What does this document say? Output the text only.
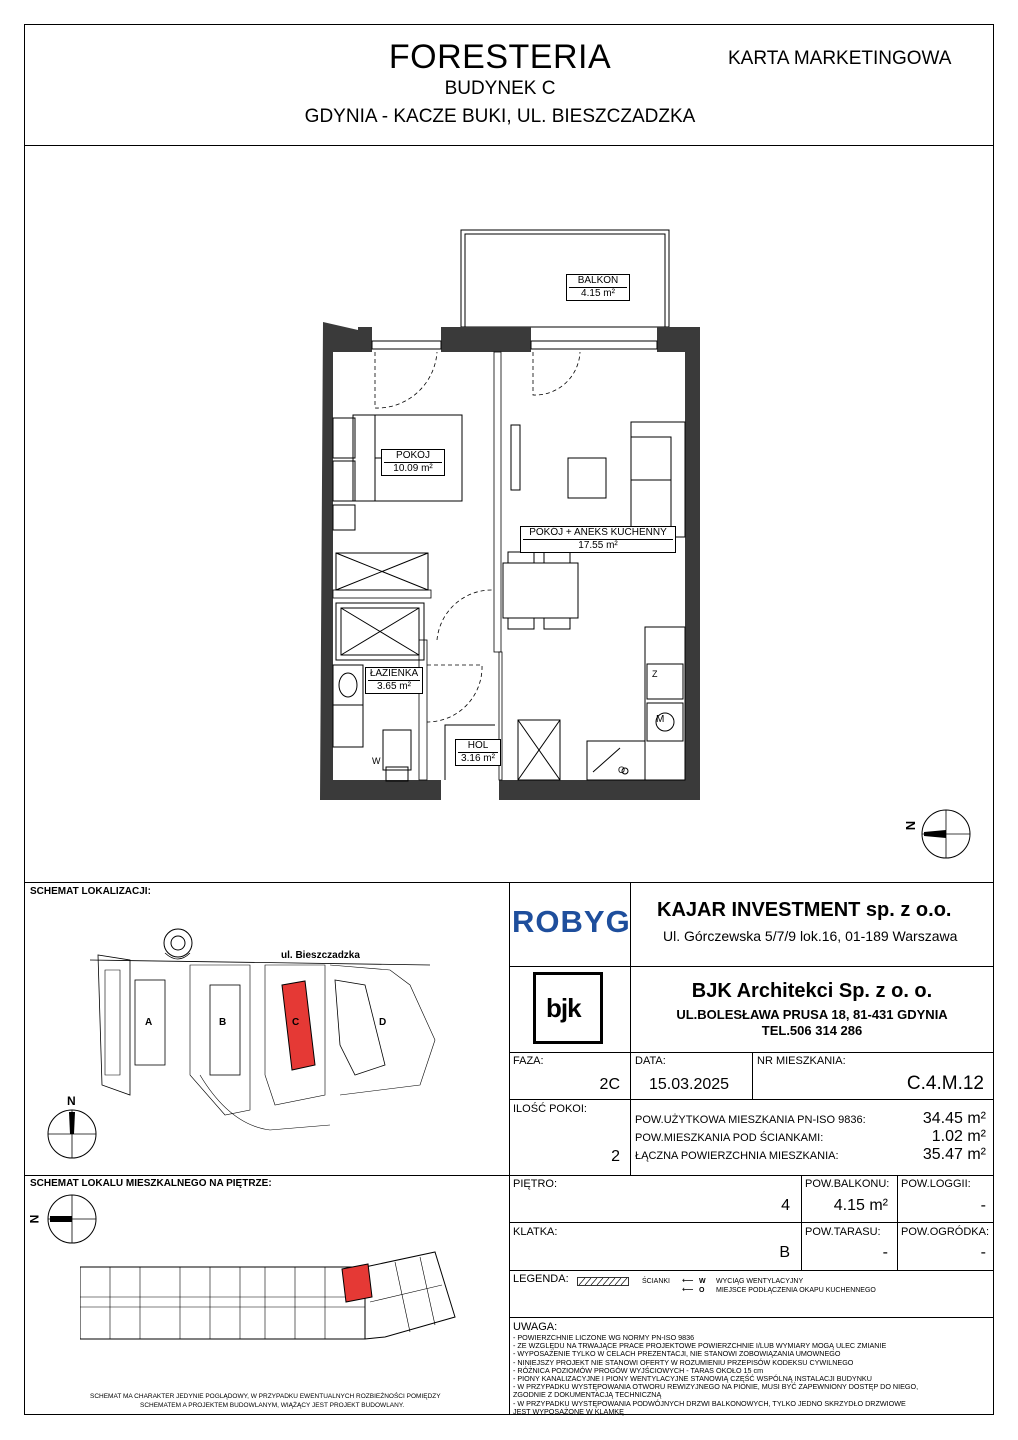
FORESTERIA
BUDYNEK C
GDYNIA - KACZE BUKI, UL. BIESZCZADZKA
KARTA MARKETINGOWA
BALKON
4.15 m²
POKÓJ
10.09 m²
POKÓJ + ANEKS KUCHENNY
17.55 m²
ŁAZIENKA
3.65 m²
HOL
3.16 m²
Z
M
W
O
N
SCHEMAT LOKALIZACJI:
ul. Bieszczadzka
A	B	C	D
N
SCHEMAT LOKALU MIESZKALNEGO NA PIĘTRZE:
N
SCHEMAT MA CHARAKTER JEDYNIE POGLĄDOWY, W PRZYPADKU EWENTUALNYCH ROZBIEŻNOŚCI POMIĘDZY
SCHEMATEM A PROJEKTEM BUDOWLANYM, WIĄŻĄCY JEST PROJEKT BUDOWLANY.
ROBYG KAJAR INVESTMENT sp. z o.o.
Ul. Górczewska 5/7/9 lok.16, 01-189 Warszawa
bjk
BJK Architekci Sp. z o. o.
UL.BOLESŁAWA PRUSA 18, 81-431 GDYNIA
TEL.506 314 286
FAZA:
2C
DATA:
15.03.2025
NR MIESZKANIA:
C.4.M.12
ILOŚĆ POKOI:
2
POW.UŻYTKOWA MIESZKANIA PN-ISO 9836:	34.45 m²
POW.MIESZKANIA POD ŚCIANKAMI:	1.02 m²
ŁĄCZNA POWIERZCHNIA MIESZKANIA:	35.47 m²
PIĘTRO:
4
POW.BALKONU:
4.15 m²
POW.LOGGII:
-
KLATKA:
B
POW.TARASU:
-
POW.OGRÓDKA:
-
LEGENDA:	ŚCIANKI ⟵ W WYCIĄG WENTYLACYJNY
⟵ O MIEJSCE PODŁĄCZENIA OKAPU KUCHENNEGO
UWAGA:
- POWIERZCHNIE LICZONE WG NORMY PN-ISO 9836
- ZE WZGLĘDU NA TRWAJĄCE PRACE PROJEKTOWE POWIERZCHNIE I/LUB WYMIARY MOGĄ ULEC ZMIANIE
- WYPOSAŻENIE TYLKO W CELACH PREZENTACJI, NIE STANOWI ZOBOWIĄZANIA UMOWNEGO
- NINIEJSZY PROJEKT NIE STANOWI OFERTY W ROZUMIENIU PRZEPISÓW KODEKSU CYWILNEGO
- RÓŻNICA POZIOMÓW PROGÓW WYJŚCIOWYCH - TARAS OKOŁO 15 cm
- PIONY KANALIZACYJNE I PIONY WENTYLACYJNE STANOWIĄ CZĘŚĆ WSPÓLNĄ INSTALACJI BUDYNKU
- W PRZYPADKU WYSTĘPOWANIA OTWORU REWIZYJNEGO NA PIONIE, MUSI BYĆ ZAPEWNIONY DOSTĘP DO NIEGO,
ZGODNIE Z DOKUMENTACJĄ TECHNICZNĄ
- W PRZYPADKU WYSTĘPOWANIA PODWÓJNYCH DRZWI BALKONOWYCH, TYLKO JEDNO SKRZYDŁO DRZWIOWE
JEST WYPOSAŻONE W KLAMKĘ
